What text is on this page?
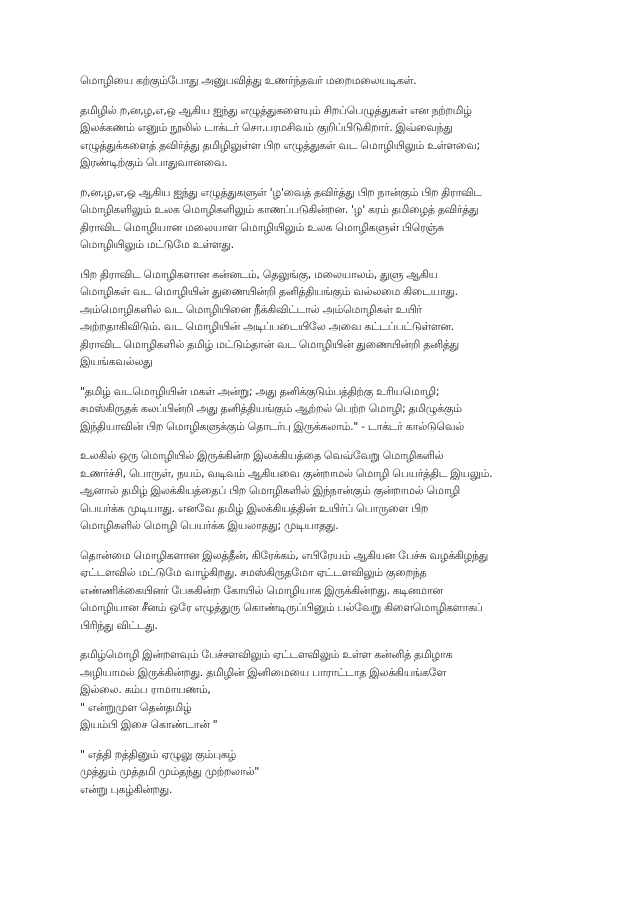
மொழியை கற்கும்போது அனுபவித்து உணர்ந்தவர் மறைமலையடிகள்.
தமிழில் ற,ன,ழ,எ,ஒ ஆகிய ஐந்து எழுத்துகளையும் சிறப்பெழுத்துகள் என நற்றமிழ்
இலக்கணம் எனும் நூலில் டாக்டர் சொ.பரமசிவம் குறிப்பிடுகிறார். இவ்வைந்து
எழுத்துக்களைத் தவிர்த்து தமிழிலுள்ள பிற எழுத்துகள் வட மொழியிலும் உள்ளவை;
இரண்டிற்கும் பொதுவானவை.
ற,ன,ழ,எ,ஒ ஆகிய ஐந்து எழுத்துகளுள் 'ழ'வைத் தவிர்த்து பிற நான்கும் பிற திராவிட
மொழிகளிலும் உலக மொழிகளிலும் காணப்படுகின்றன. 'ழ' கரம் தமிழைத் தவிர்த்து
திராவிட மொழியான மலையாள மொழியிலும் உலக மொழிகளுள் பிரெஞ்சு
மொழியிலும் மட்டுமே உள்ளது.
பிற திராவிட மொழிகளான கன்னடம், தெலுங்கு, மலையாலம், துளு ஆகிய
மொழிகள் வட மொழியின் துணையின்றி தனித்தியங்கும் வல்லமை கிடையாது.
அம்மொழிகளில் வட மொழியினை நீக்கிவிட்டால் அம்மொழிகள் உயிர்
அற்றதாகிவிடும். வட மொழியின் அடிப்படையிலே அவை கட்டப்பட்டுள்ளன.
திராவிட மொழிகளில் தமிழ் மட்டும்தான் வட மொழியின் துணையின்றி தனித்து
இயங்கவல்லது
"தமிழ் வடமொழியின் மகள் அன்று; அது தனிக்குடும்பத்திற்கு உரியமொழி;
சமஸ்கிருதக் கலப்பின்றி அது தனித்தியங்கும் ஆற்றல் பெற்ற மொழி; தமிழுக்கும்
இந்தியாவின் பிற மொழிகளுக்கும் தொடர்பு இருக்கலாம்." - டாக்டர் கால்டுவெல்
உலகில் ஒரு மொழியில் இருக்கின்ற இலக்கியத்தை வெவ்வேறு மொழிகளில்
உணர்ச்சி, பொருள், நயம், வடிவம் ஆகியவை குன்றாமல் மொழி பெயர்த்திட இயலும்.
ஆனால் தமிழ் இலக்கியத்தைப் பிற மொழிகளில் இந்நான்கும் குன்றாமல் மொழி
பெயர்க்க முடியாது. எனவே தமிழ் இலக்கியத்தின் உயிர்ப் பொருளை பிற
மொழிகளில் மொழி பெயர்க்க இயலாதது; முடியாதது.
தொன்மை மொழிகளான இலத்தீன், கிரேக்கம், எபிரேயம் ஆகியன பேச்சு வழக்கிழந்து
ஏட்டளவில் மட்டுமே வாழ்கிறது. சமஸ்கிருதமோ ஏட்டளவிலும் குறைந்த
எண்ணிக்கையினர் பேசுகின்ற கோயில் மொழியாக இருக்கின்றது. கடினமான
மொழியான சீனம் ஒரே எழுத்துரு கொண்டிருப்பினும் பல்வேறு கிளைமொழிகளாகப்
பிரிந்து விட்டது.
தமிழ்மொழி இன்றளவும் பேச்சளவிலும் ஏட்டளவிலும் உள்ள கன்னித் தமிழாக
அழியாமல் இருக்கின்றது. தமிழின் இனிமையை பாராட்டாத இலக்கியங்களே
இல்லை. கம்ப ராமாயணம்,
" என்றுமுள தென்தமிழ்
இயம்பி இசை கொண்டான் "
" எத்தி றத்தினும் ஏழுலு கும்புகழ்
முத்தும் முத்தமி மும்தந்து முற்றலால்"
என்று புகழ்கின்றது.
